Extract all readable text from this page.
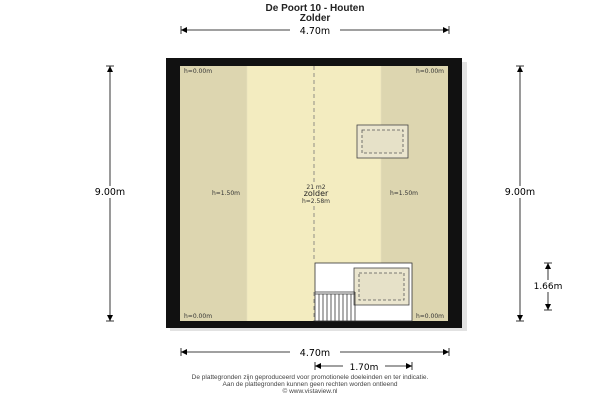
De Poort 10 - Houten
Zolder
4.70m
9.00m	9.00m
1.66m
4.70m
1.70m
h=0.00m	h=0.00m
h=0.00m	h=0.00m
h=1.50m	h=1.50m
21 m2
zolder
h=2.58m
De plattegronden zijn geproduceerd voor promotionele doeleinden en ter indicatie.
Aan de plattegronden kunnen geen rechten worden ontleend
© www.vistaview.nl
